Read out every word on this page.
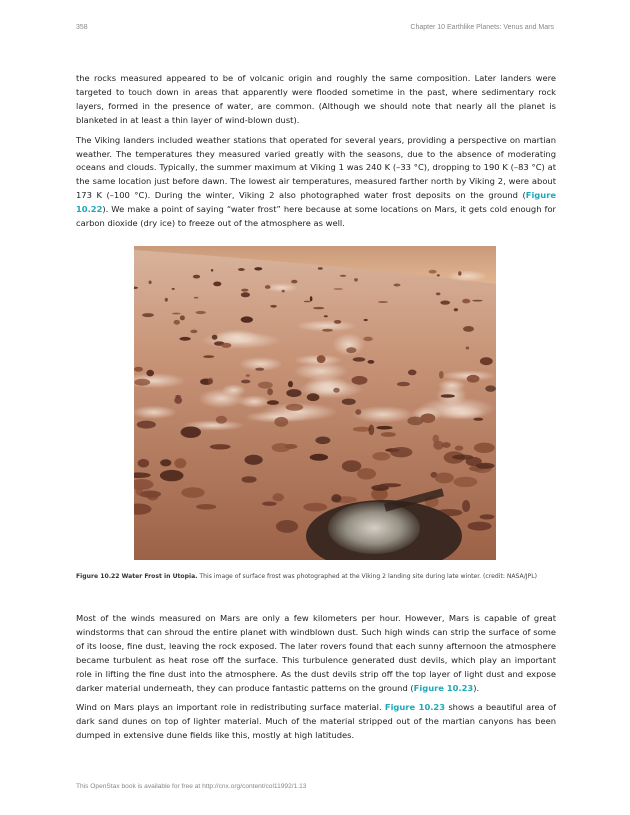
358	Chapter 10 Earthlike Planets: Venus and Mars

the rocks measured appeared to be of volcanic origin and roughly the same composition. Later landers were targeted to touch down in areas that apparently were flooded sometime in the past, where sedimentary rock layers, formed in the presence of water, are common. (Although we should note that nearly all the planet is blanketed in at least a thin layer of wind-blown dust).

The Viking landers included weather stations that operated for several years, providing a perspective on martian weather. The temperatures they measured varied greatly with the seasons, due to the absence of moderating oceans and clouds. Typically, the summer maximum at Viking 1 was 240 K (–33 °C), dropping to 190 K (–83 °C) at the same location just before dawn. The lowest air temperatures, measured farther north by Viking 2, were about 173 K (–100 °C). During the winter, Viking 2 also photographed water frost deposits on the ground (Figure 10.22). We make a point of saying “water frost” here because at some locations on Mars, it gets cold enough for carbon dioxide (dry ice) to freeze out of the atmosphere as well.

Figure 10.22 Water Frost in Utopia. This image of surface frost was photographed at the Viking 2 landing site during late winter. (credit: NASA/JPL)

Most of the winds measured on Mars are only a few kilometers per hour. However, Mars is capable of great windstorms that can shroud the entire planet with windblown dust. Such high winds can strip the surface of some of its loose, fine dust, leaving the rock exposed. The later rovers found that each sunny afternoon the atmosphere became turbulent as heat rose off the surface. This turbulence generated dust devils, which play an important role in lifting the fine dust into the atmosphere. As the dust devils strip off the top layer of light dust and expose darker material underneath, they can produce fantastic patterns on the ground (Figure 10.23).

Wind on Mars plays an important role in redistributing surface material. Figure 10.23 shows a beautiful area of dark sand dunes on top of lighter material. Much of the material stripped out of the martian canyons has been dumped in extensive dune fields like this, mostly at high latitudes.

This OpenStax book is available for free at http://cnx.org/content/col11992/1.13
